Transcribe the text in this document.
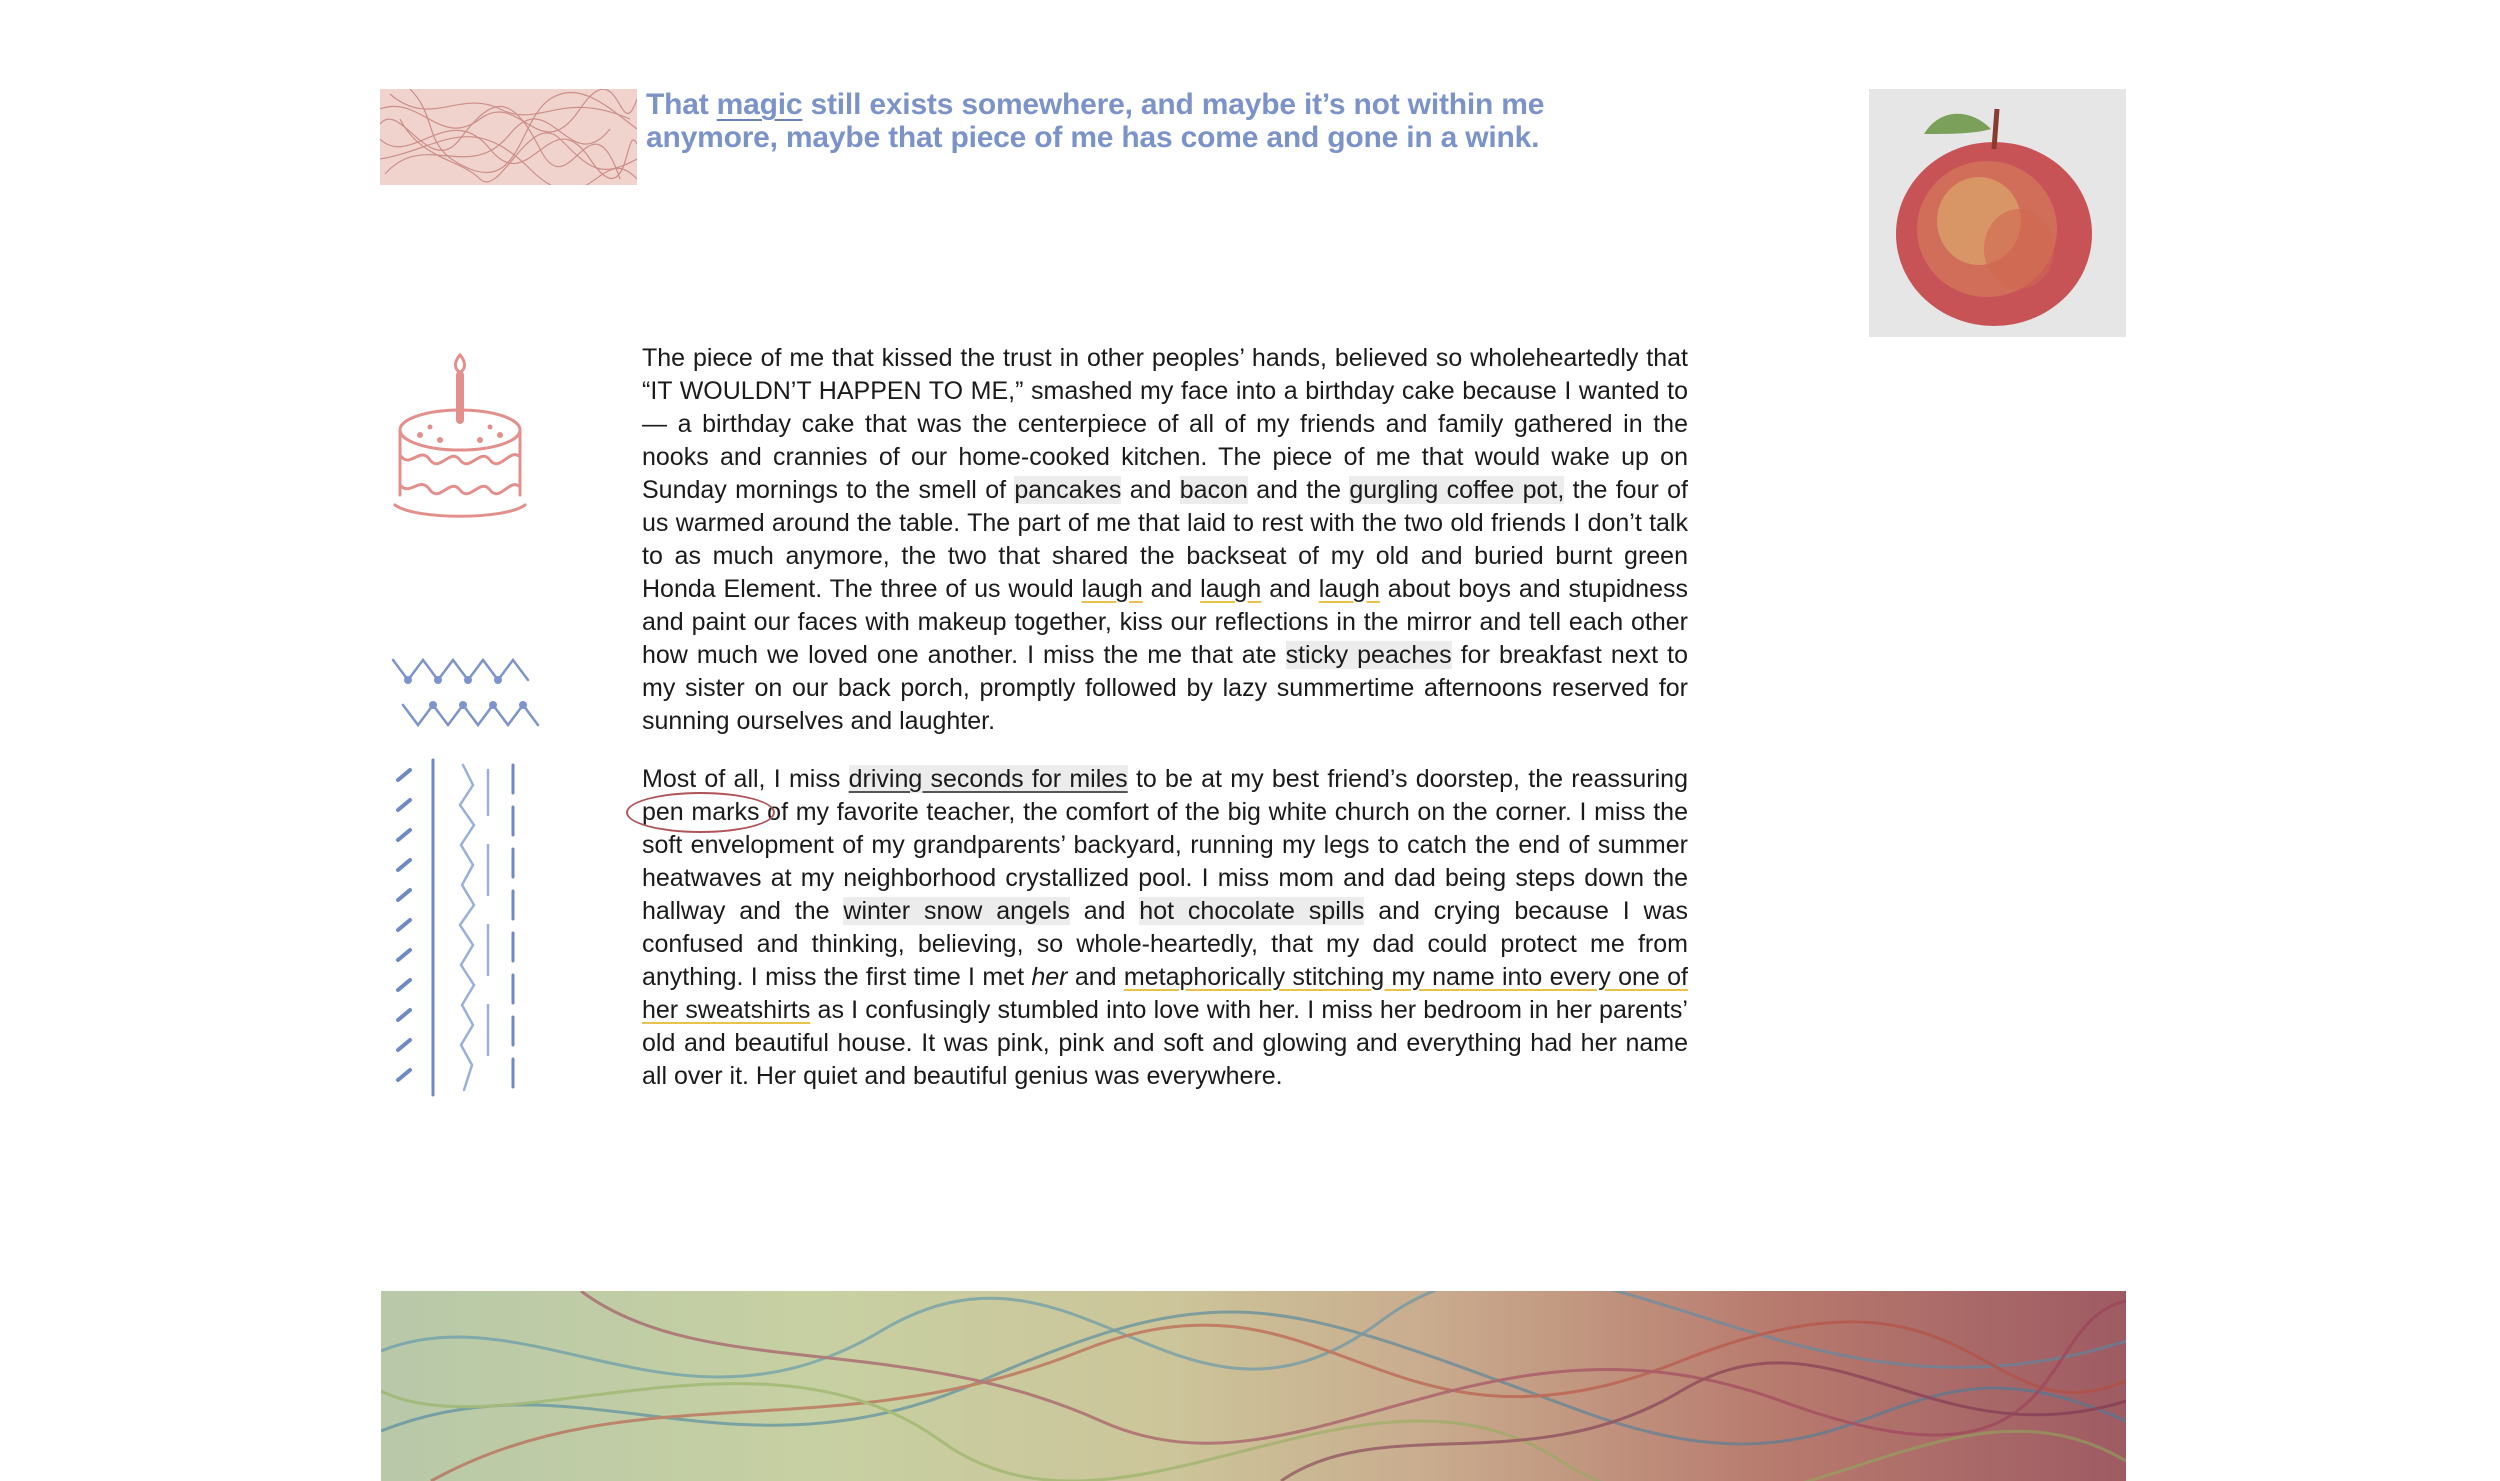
That magic still exists somewhere, and maybe it’s not within me anymore, maybe that piece of me has come and gone in a wink.

The piece of me that kissed the trust in other peoples’ hands, believed so wholeheartedly that “IT WOULDN’T HAPPEN TO ME,” smashed my face into a birthday cake because I wanted to — a birthday cake that was the centerpiece of all of my friends and family gathered in the nooks and crannies of our home-cooked kitchen. The piece of me that would wake up on Sunday mornings to the smell of pancakes and bacon and the gurgling coffee pot, the four of us warmed around the table. The part of me that laid to rest with the two old friends I don’t talk to as much anymore, the two that shared the backseat of my old and buried burnt green Honda Element. The three of us would laugh and laugh and laugh about boys and stupidness and paint our faces with makeup together, kiss our reflections in the mirror and tell each other how much we loved one another. I miss the me that ate sticky peaches for breakfast next to my sister on our back porch, promptly followed by lazy summertime afternoons reserved for sunning ourselves and laughter.

Most of all, I miss driving seconds for miles to be at my best friend’s doorstep, the reassuring pen marks of my favorite teacher, the comfort of the big white church on the corner. I miss the soft envelopment of my grandparents’ backyard, running my legs to catch the end of summer heatwaves at my neighborhood crystallized pool. I miss mom and dad being steps down the hallway and the winter snow angels and hot chocolate spills and crying because I was confused and thinking, believing, so whole-heartedly, that my dad could protect me from anything. I miss the first time I met her and metaphorically stitching my name into every one of her sweatshirts as I confusingly stumbled into love with her. I miss her bedroom in her parents’ old and beautiful house. It was pink, pink and soft and glowing and everything had her name all over it. Her quiet and beautiful genius was everywhere.
